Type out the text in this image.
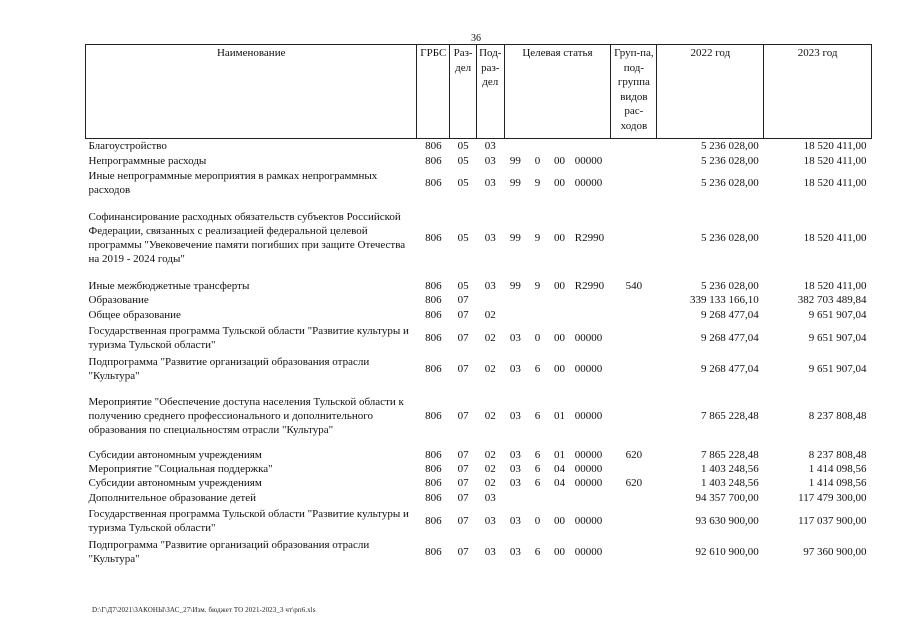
36
Наименование	ГРБС	Раз-дел	Под-раз-дел	Целевая статья				Груп-па, под-группа видов рас-ходов	2022 год	2023 год
Благоустройство	806	05	03						5 236 028,00	18 520 411,00
Непрограммные расходы	806	05	03	99	0	00	00000		5 236 028,00	18 520 411,00
Иные непрограммные мероприятия в рамках непрограммных расходов	806	05	03	99	9	00	00000		5 236 028,00	18 520 411,00
Софинансирование расходных обязательств субъектов Российской Федерации, связанных с реализацией федеральной целевой программы "Увековечение памяти погибших при защите Отечества на 2019 - 2024 годы"	806	05	03	99	9	00	R2990		5 236 028,00	18 520 411,00
Иные межбюджетные трансферты	806	05	03	99	9	00	R2990	540	5 236 028,00	18 520 411,00
Образование	806	07							339 133 166,10	382 703 489,84
Общее образование	806	07	02						9 268 477,04	9 651 907,04
Государственная программа Тульской области "Развитие культуры и туризма Тульской области"	806	07	02	03	0	00	00000		9 268 477,04	9 651 907,04
Подпрограмма "Развитие организаций образования отрасли "Культура"	806	07	02	03	6	00	00000		9 268 477,04	9 651 907,04
Мероприятие "Обеспечение доступа населения Тульской области к получению среднего профессионального и дополнительного образования по специальностям отрасли "Культура"	806	07	02	03	6	01	00000		7 865 228,48	8 237 808,48
Субсидии автономным учреждениям	806	07	02	03	6	01	00000	620	7 865 228,48	8 237 808,48
Мероприятие "Социальная поддержка"	806	07	02	03	6	04	00000		1 403 248,56	1 414 098,56
Субсидии автономным учреждениям	806	07	02	03	6	04	00000	620	1 403 248,56	1 414 098,56
Дополнительное образование детей	806	07	03						94 357 700,00	117 479 300,00
Государственная программа Тульской области "Развитие культуры и туризма Тульской области"	806	07	03	03	0	00	00000		93 630 900,00	117 037 900,00
Подпрограмма "Развитие организаций образования отрасли "Культура"	806	07	03	03	6	00	00000		92 610 900,00	97 360 900,00
D:\Г\Д7\2021\ЗАКОНЫ\ЗАС_27\Изм. бюджет ТО 2021-2023_3 чт\рп6.xls
